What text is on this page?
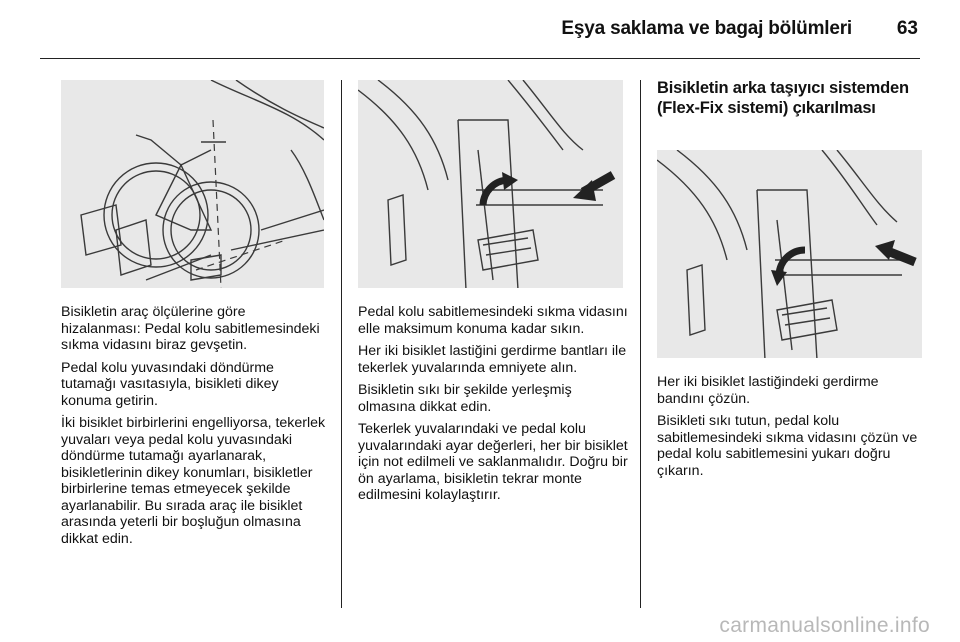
Eşya saklama ve bagaj bölümleri 63

Bisikletin araç ölçülerine göre hizalanması: Pedal kolu sabitlemesindeki sıkma vidasını biraz gevşetin.

Pedal kolu yuvasındaki döndürme tutamağı vasıtasıyla, bisikleti dikey konuma getirin.

İki bisiklet birbirlerini engelliyorsa, tekerlek yuvaları veya pedal kolu yuvasındaki döndürme tutamağı ayarlanarak, bisikletlerinin dikey konumları, bisikletler birbirlerine temas etmeyecek şekilde ayarlanabilir. Bu sırada araç ile bisiklet arasında yeterli bir boşluğun olmasına dikkat edin.

Pedal kolu sabitlemesindeki sıkma vidasını elle maksimum konuma kadar sıkın.

Her iki bisiklet lastiğini gerdirme bantları ile tekerlek yuvalarında emniyete alın.

Bisikletin sıkı bir şekilde yerleşmiş olmasına dikkat edin.

Tekerlek yuvalarındaki ve pedal kolu yuvalarındaki ayar değerleri, her bir bisiklet için not edilmeli ve saklanmalıdır. Doğru bir ön ayarlama, bisikletin tekrar monte edilmesini kolaylaştırır.

Bisikletin arka taşıyıcı sistemden (Flex-Fix sistemi) çıkarılması

Her iki bisiklet lastiğindeki gerdirme bandını çözün.

Bisikleti sıkı tutun, pedal kolu sabitlemesindeki sıkma vidasını çözün ve pedal kolu sabitlemesini yukarı doğru çıkarın.

carmanualsonline.info
